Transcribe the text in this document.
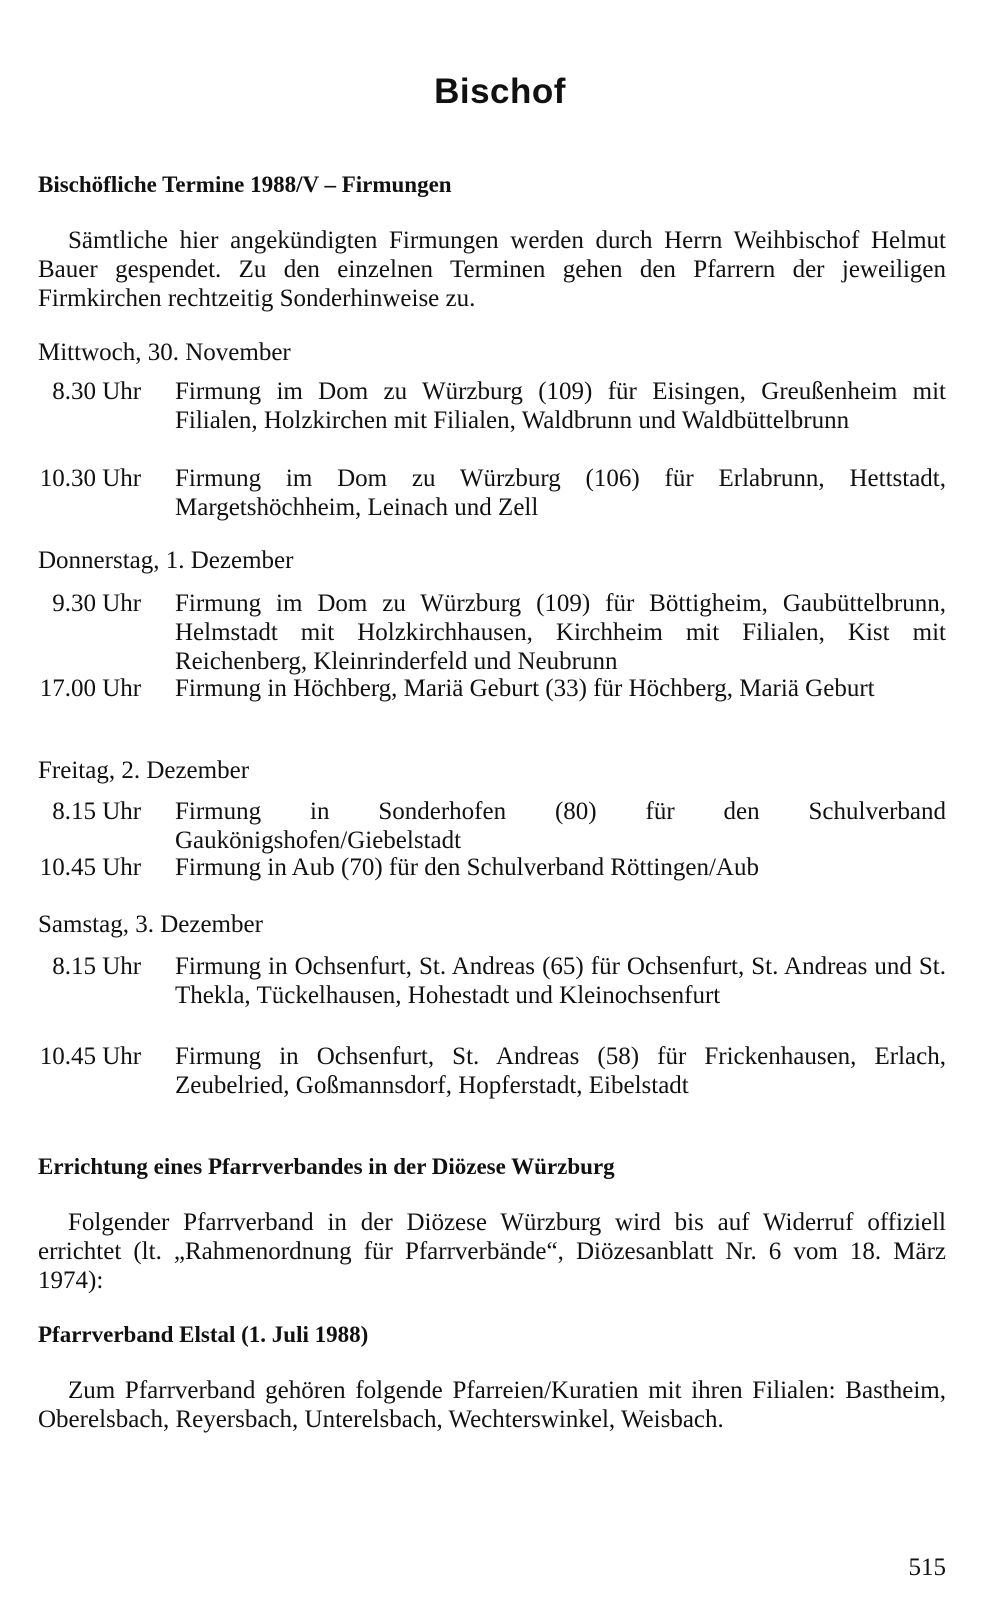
Bischof
Bischöfliche Termine 1988/V – Firmungen
Sämtliche hier angekündigten Firmungen werden durch Herrn Weihbischof Helmut Bauer gespendet. Zu den einzelnen Terminen gehen den Pfarrern der jeweiligen Firmkirchen rechtzeitig Sonderhinweise zu.
Mittwoch, 30. November
8.30 Uhr	Firmung im Dom zu Würzburg (109) für Eisingen, Greußenheim mit Filialen, Holzkirchen mit Filialen, Waldbrunn und Waldbüttelbrunn
10.30 Uhr	Firmung im Dom zu Würzburg (106) für Erlabrunn, Hettstadt, Margetshöchheim, Leinach und Zell
Donnerstag, 1. Dezember
9.30 Uhr	Firmung im Dom zu Würzburg (109) für Böttigheim, Gaubüttelbrunn, Helmstadt mit Holzkirchhausen, Kirchheim mit Filialen, Kist mit Reichenberg, Kleinrinderfeld und Neubrunn
17.00 Uhr	Firmung in Höchberg, Mariä Geburt (33) für Höchberg, Mariä Geburt
Freitag, 2. Dezember
8.15 Uhr	Firmung in Sonderhofen (80) für den Schulverband Gaukönigshofen/Giebelstadt
10.45 Uhr	Firmung in Aub (70) für den Schulverband Röttingen/Aub
Samstag, 3. Dezember
8.15 Uhr	Firmung in Ochsenfurt, St. Andreas (65) für Ochsenfurt, St. Andreas und St. Thekla, Tückelhausen, Hohestadt und Kleinochsenfurt
10.45 Uhr	Firmung in Ochsenfurt, St. Andreas (58) für Frickenhausen, Erlach, Zeubelried, Goßmannsdorf, Hopferstadt, Eibelstadt
Errichtung eines Pfarrverbandes in der Diözese Würzburg
Folgender Pfarrverband in der Diözese Würzburg wird bis auf Widerruf offiziell errichtet (lt. „Rahmenordnung für Pfarrverbände“, Diözesanblatt Nr. 6 vom 18. März 1974):
Pfarrverband Elstal (1. Juli 1988)
Zum Pfarrverband gehören folgende Pfarreien/Kuratien mit ihren Filialen: Bastheim, Oberelsbach, Reyersbach, Unterelsbach, Wechterswinkel, Weisbach.
515
